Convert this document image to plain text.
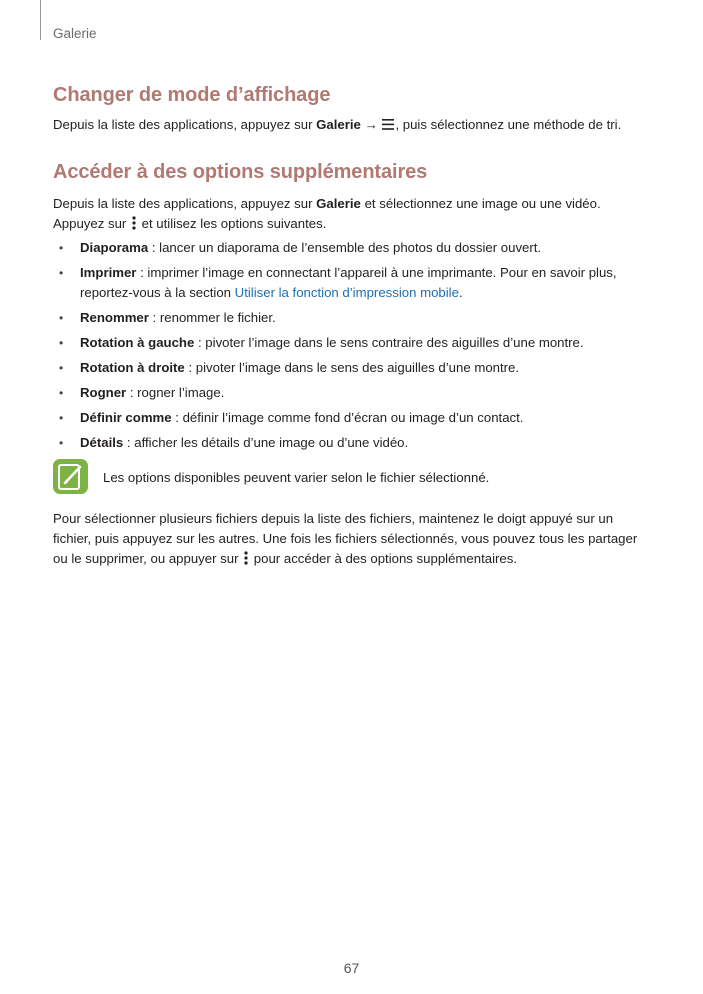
Galerie
Changer de mode d’affichage

Depuis la liste des applications, appuyez sur Galerie → , puis sélectionnez une méthode de tri.

Accéder à des options supplémentaires

Depuis la liste des applications, appuyez sur Galerie et sélectionnez une image ou une vidéo.
Appuyez sur  et utilisez les options suivantes.

• Diaporama : lancer un diaporama de l’ensemble des photos du dossier ouvert.
• Imprimer : imprimer l’image en connectant l’appareil à une imprimante. Pour en savoir plus, reportez-vous à la section Utiliser la fonction d’impression mobile.
• Renommer : renommer le fichier.
• Rotation à gauche : pivoter l’image dans le sens contraire des aiguilles d’une montre.
• Rotation à droite : pivoter l’image dans le sens des aiguilles d’une montre.
• Rogner : rogner l’image.
• Définir comme : définir l’image comme fond d’écran ou image d’un contact.
• Détails : afficher les détails d’une image ou d’une vidéo.
Les options disponibles peuvent varier selon le fichier sélectionné.

Pour sélectionner plusieurs fichiers depuis la liste des fichiers, maintenez le doigt appuyé sur un fichier, puis appuyez sur les autres. Une fois les fichiers sélectionnés, vous pouvez tous les partager ou le supprimer, ou appuyer sur  pour accéder à des options supplémentaires.

67
